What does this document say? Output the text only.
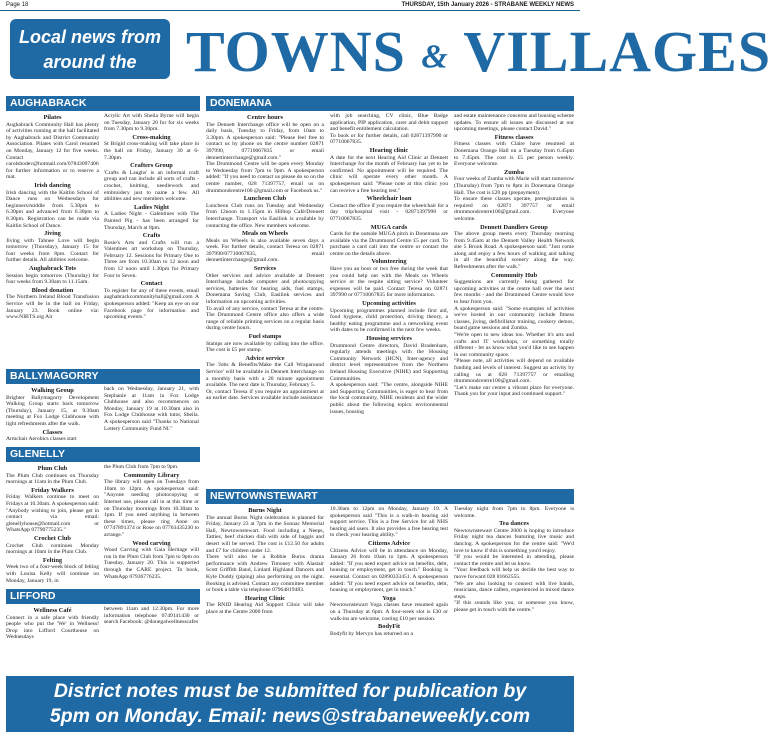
Page 18	THURSDAY, 15th January 2026 - STRABANE WEEKLY NEWS
Local news from
around the TOWNS & VILLAGES
AUGHABRACK
Pilates

Aughabrack Community Hall has plenty of activities running at the hall facilitated by Aughabrack and District Community Association. Pilates with Carol resumed on Monday, January 12 for five weeks. Contact carolsbodev@hotmail.com/07843097406 for further information or to reserve a mat.

Irish dancing

Irish dancing with the Kaitlin School of Dance runs on Wednesdays for beginners/middle from 5.30pm to 6.30pm and advanced from 6.30pm to 8.30pm. Registration can be made via Kaitlin School of Dance.

Jiving

Jiving with Tahnee Love will begin tomorrow (Thursday), January 15 for four weeks from 8pm. Contact for further details. All abilities welcome.

Aughabrack Tots

Session begin tomorrow (Thursday) for four weeks from 9.30am to 11.15am.

Blood donation

The Northern Ireland Blood Transfusion Service will be in the hall on Friday, January 23. Book online via: www.NIBTS.org Air

Acrylic Art with Sheila Byrne will begin on Tuesday, January 20 for for six weeks from 7.30pm to 9.30pm.

Cross-making

St Brigid cross-making will take place in the hall on Friday, January 30 at 6-7.30pm.

Crafters Group

'Crafts & Laughs' is an informal craft group and can include all sorts of crafts - crochet, knitting, needlework and embroidery just to name a few. All abilities and new members welcome.

Ladies Night

A Ladies Night - Galentines with The Painted Pig - has been arranged for Thursday, March at 8pm.

Crafts

Rosie's Arts and Crafts will run a Valentines art workshop on Thursday, February 12. Sessions for Primary One to Three are from 10.30am to 12 noon and from 12 noon until 1.30pm for Primary Four to Seven.

Contact

To register for any of these events, email aughabrackcommunityhall@gmail.com A spokesperson added: "Keep an eye on our Facebook page for information and upcoming events."

BALLYMAGORRY
Walking Group

Brighter Ballymagorry Development Walking Group starts back tomorrow (Thursday), January 15, at 9.30am meeting at Fox Lodge Clubhouse with light refreshments after the walk.

Classes

Armchair Aerobics classes start

back on Wednesday, January 21, with Stephanie at 11am in Fox Lodge Clubhouse and also recommences on Monday, January 19 at 10.30am also in Fox Lodge Clubhouse with tutor, Sheila. A spokesperson said "Thanks to National Lottery Community Fund NI."

GLENELLY
Plum Club

The Plum Club continues on Thursday mornings at 11am in the Plum Club.

Friday Walkers

Friday Walkers continue to meet on Fridays at 10.30am. A spokesperson said: "Anybody wishing to join, please get in contact via email: glenellyhouse@hotmail.com or WhatsApp 07790775235."

Crochet Club

Crochet Club continues Monday mornings at 10am in the Plum Club.

Felting

Week two of a four-week block of felting with Louisa Kelly will continue on Monday, January 19, in

the Plum Club from 7pm to 9pm.

Community Library

The library will open on Tuesdays from 10am to 12pm. A spokesperson said: "Anyone needing photocopying or Internet use, please call in at this time or on Thursday mornings from 10.30am to 1pm. If you need anything in between these times, please ring Anne on 07747891374 or Rose on 07763435230 to arrange."

Wood carving

Wood Carving with Gaia Heritage will run in the Plum Club from 7pm to 9pm on Tuesday, January 20. This is supported through the CARE project. To book, WhatsApp 07936776235.

LIFFORD
Wellness Café

Connect in a safe place with friendly people who put the 'We' in Wellness! Drop into Lifford Courthouse on Wednesdays

between 11am and 12.30pm. For more information telephone 0749141430 or search Facebook: @donegalwellnesscafes

DONEMANA
Centre hours

The Dennett Interchange office will be open on a daily basis, Tuesday to Friday, from 10am to 3.30pm. A spokesperson said: "Please feel free to contact us by phone on the centre number 02871 397990, 07710067835 or email dennettinterchange@gmail.com."

The Drummond Centre will be open every Monday to Wednesday from 7pm to 9pm. A spokesperson added: "If you need to contact us please do so on the centre number, 028 71397757, email us on drummondcentre100 @gmail.com or Facebook us."

Luncheon Club

Luncheon Club runs on Tuesday and Wednesday from 12noon to 1.15pm in Hilltop Café/Dennett Interchange. Transport via Easilink is available by contacting the office. New members welcome.

Meals on Wheels

Meals on Wheels is also available seven days a week. For further details, contact Teresa on 02871 397990/07710067835, email dennettinterchange@gmail.com.

Services

Other services and advice available at Dennett Interchange include computer and photocopying services, batteries for hearing aids, fuel stamps, Donemana Saving Club, Easilink services and information on upcoming activities.

To avail of any service, contact Teresa at the centre. The Drummond Centre office also offers a wide range of reliable printing services on a regular basis during centre hours.

Fuel stamps

Stamps are now available by calling into the office. The cost is £5 per stamp.

Advice service

The 'Jobs & Benefits/Make the Call Wraparound Service' will be available in Dennett Interchange on a monthly basis with a 20 minute appointment available. The next date is Thursday, February 5.

Or, contact Teresa if you require an appointment at an earlier date. Services available include assistance

with job searching, CV clinic, Blue Badge application, PIP application, carer and debit support and benefit entitlement calculation.

To book or for further details, call 02871397990 or 07710067835.

Hearing clinic

A date for the next Hearing Aid Clinic at Dennett Interchange for the month of February has yet to be confirmed. No appointment will be required. The clinic will operate every other month. A spokesperson said: "Please note at this clinic you can receive a free hearing test."

Wheelchair loan

Contact the office if you require the wheelchair for a day trip/hospital visit - 02871397990 or 07710067835.

MUGA cards

Cards for the outside MUGA pitch in Donemana are available via the Drummond Centre £5 per card. To purchase a card call into the centre or contact the centre on the details above.

Volunteering

Have you an hour or two free during the week that you could help out with the Meals on Wheels service or the respite sitting service? Volunteer expenses will be paid. Contact Teresa on 02871 397990 or 07710067835 for more information.

Upcoming activities

Upcoming programmes planned include first aid, food hygiene, child protection, driving theory, a healthy eating programme and a networking event with dates to be confirmed in the next few weeks.

Housing services

Drummond Centre directors, David Bradenham, regularly attends meetings with the Housing Community Network (HCN), Inter-agency and district level representatives from the Northern Ireland Housing Executive (NIHE) and Supporting Communities.

A spokesperson said: "The centre, alongside NIHE and Supporting Communities, is eager to hear from the local community, NIHE residents and the wider public about the following topics: environmental issues, housing

and estate maintenance concerns and housing scheme updates. To ensure all issues are discussed at our upcoming meetings, please contact David."

Fitness classes

Fitness classes with Claire have resumed at Donemana Orange Hall on a Tuesday from 6.45pm to 7.45pm. The cost is £5 per person weekly. Everyone welcome.

Zumba

Four weeks of Zumba with Marie will start tomorrow (Thursday) from 7pm to 8pm in Donemana Orange Hall. The cost is £20 pp (prepayment).

To ensure these classes operate, preregistration is required on 02871 397757 or email drummondcentre100@gmail.com. Everyone welcome.

Dennett Dandlers Group

The above group meets every Thursday morning from 9.45am at the Dennett Valley Health Network site 5 Brook Road. A spokesperson said: "Just come along and enjoy a few hours of walking and talking in all the beautiful scenery along the way. Refreshments after the walk."

Community Hub

Suggestions are currently being gathered for upcoming activities at the centre hall over the next few months - and the Drummond Centre would love to hear from you.

A spokesperson said: "Some examples of activities we've hosted in our community include fitness classes, jiving, defibrillator training, cookery demos, board game sessions and Zumba.

"We're open to new ideas too. Whether it's arts and crafts and IT workshops, or something totally different - let us know what you'd like to see happen in our community space.

"Please note, all activities will depend on available funding and levels of interest. Suggest an activity by calling us at 028 71397757 or emailing drummondcentre100@gmail.com.

"Let's make our centre a vibrant place for everyone. Thank you for your input and continued support."

NEWTOWNSTEWART
Burns Night

The annual Burns Night celebration is planned for Friday, January 23 at 7pm in the Sonnac Memorial Hall, Newtownstewart. Food including a Neeps, Tatties, beef chicken dish with side of haggis and desert will be served. The cost is £12.50 for adults and £7 for children under 12.

There will also be a Robbie Burns drama performance with Andrew Timoney with Alastair Scott Griffith Band, Linlard Highland Dancers and Kyle Duddy (piping) also performing on the night. Booking is advised. Contact any committee member or book a table via telephone 07964819483.

Hearing Clinic

The RNID Hearing Aid Support Clinic will take place at the Centre 2000 from

10.30am to 12pm on Monday, January 19. A spokesperson said "This is a walk-in hearing aid support service. This is a free Service for all NHS hearing aid users. It also provides a free hearing test to check your hearing ability."

Citizens Advice

Citizens Advice will be in attendance on Monday, January 26 from 10am to 1pm. A spokesperson added: "If you need expert advice on benefits, debt, housing or employment, get in touch." Booking is essential. Contact on 02890333451. A spokesperson added: "If you need expert advice on benefits, debt, housing or employment, get in touch."

Yoga

Newtownstewart Yoga classes have resumed again on a Thursday at 6pm. A four-week slot is £30 or walk-ins are welcome, costing £10 per session.

BodyFit

Bodyfit by Mervyn has returned on a

Tuesday night from 7pm to 8pm. Everyone is welcome.

Tea dances

Newtownstewart Centre 2000 is hoping to introduce Friday night tea dances featuring live music and dancing. A spokesperson for the centre said: "We'd love to know if this is something you'd enjoy.

"If you would be interested in attending, please contact the centre and let us know.

"Your feedback will help us decide the best way to move forward 028 81662555.

"We are also looking to connect with live bands, musicians, dance callers, experienced in mixed dance steps.

"If this sounds like you, or someone you know, please get in touch with the centre."

District notes must be submitted for publication by
5pm on Monday. Email: news@strabaneweekly.com
